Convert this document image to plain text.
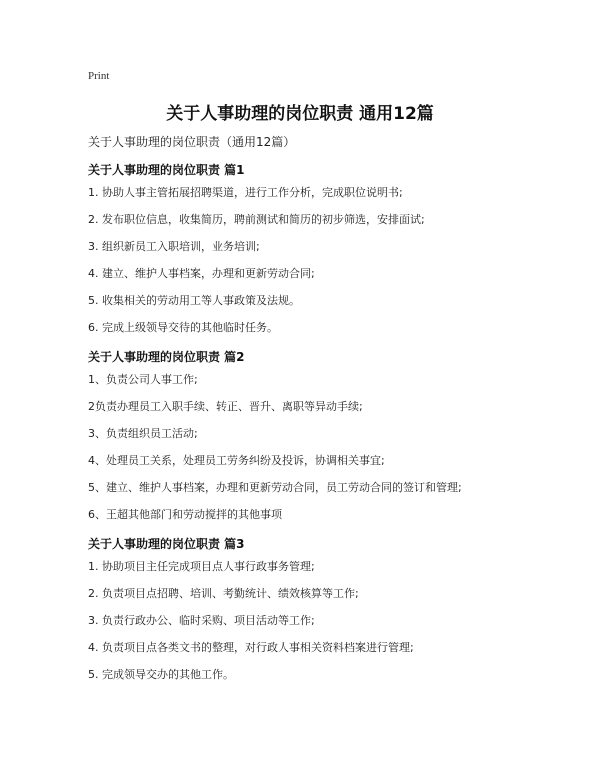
Print
关于人事助理的岗位职责 通用12篇
关于人事助理的岗位职责（通用12篇）
关于人事助理的岗位职责 篇1
1. 协助人事主管拓展招聘渠道，进行工作分析，完成职位说明书;
2. 发布职位信息，收集简历，聘前测试和简历的初步筛选，安排面试;
3. 组织新员工入职培训，业务培训;
4. 建立、维护人事档案，办理和更新劳动合同;
5. 收集相关的劳动用工等人事政策及法规。
6. 完成上级领导交待的其他临时任务。
关于人事助理的岗位职责 篇2
1、负责公司人事工作;
2负责办理员工入职手续、转正、晋升、离职等异动手续;
3、负责组织员工活动;
4、处理员工关系，处理员工劳务纠纷及投诉，协调相关事宜;
5、建立、维护人事档案，办理和更新劳动合同，员工劳动合同的签订和管理;
6、王超其他部门和劳动搅拌的其他事项
关于人事助理的岗位职责 篇3
1. 协助项目主任完成项目点人事行政事务管理;
2. 负责项目点招聘、培训、考勤统计、绩效核算等工作;
3. 负责行政办公、临时采购、项目活动等工作;
4. 负责项目点各类文书的整理，对行政人事相关资料档案进行管理;
5. 完成领导交办的其他工作。
